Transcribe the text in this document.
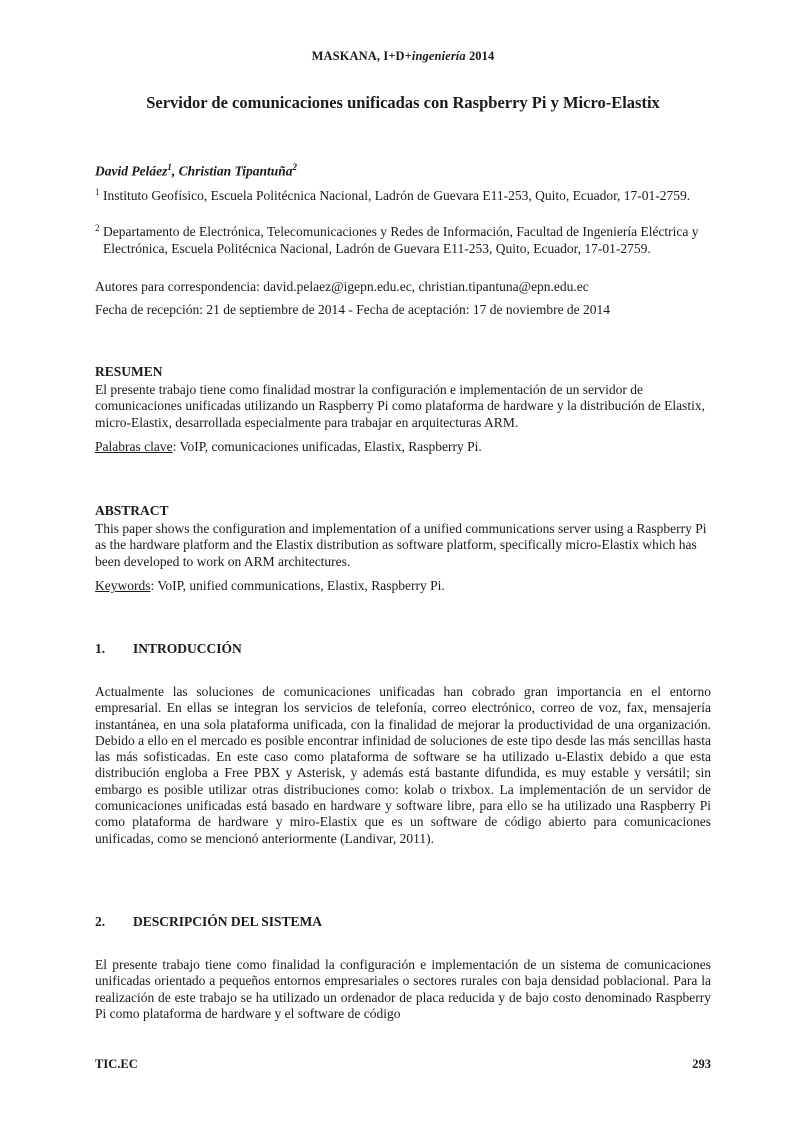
MASKANA, I+D+ingeniería 2014
Servidor de comunicaciones unificadas con Raspberry Pi y Micro-Elastix
David Peláez$^1$, Christian Tipantuña$^2$
1 Instituto Geofísico, Escuela Politécnica Nacional, Ladrón de Guevara E11-253, Quito, Ecuador, 17-01-2759.
2 Departamento de Electrónica, Telecomunicaciones y Redes de Información, Facultad de Ingeniería Eléctrica y Electrónica, Escuela Politécnica Nacional, Ladrón de Guevara E11-253, Quito, Ecuador, 17-01-2759.
Autores para correspondencia: david.pelaez@igepn.edu.ec, christian.tipantuna@epn.edu.ec
Fecha de recepción: 21 de septiembre de 2014 - Fecha de aceptación: 17 de noviembre de 2014
RESUMEN

El presente trabajo tiene como finalidad mostrar la configuración e implementación de un servidor de comunicaciones unificadas utilizando un Raspberry Pi como plataforma de hardware y la distribución de Elastix, micro-Elastix, desarrollada especialmente para trabajar en arquitecturas ARM.

Palabras clave: VoIP, comunicaciones unificadas, Elastix, Raspberry Pi.

ABSTRACT

This paper shows the configuration and implementation of a unified communications server using a Raspberry Pi as the hardware platform and the Elastix distribution as software platform, specifically micro-Elastix which has been developed to work on ARM architectures.

Keywords: VoIP, unified communications, Elastix, Raspberry Pi.

1. INTRODUCCIÓN

Actualmente las soluciones de comunicaciones unificadas han cobrado gran importancia en el entorno empresarial. En ellas se integran los servicios de telefonía, correo electrónico, correo de voz, fax, mensajería instantánea, en una sola plataforma unificada, con la finalidad de mejorar la productividad de una organización. Debido a ello en el mercado es posible encontrar infinidad de soluciones de este tipo desde las más sencillas hasta las más sofisticadas. En este caso como plataforma de software se ha utilizado u-Elastix debido a que esta distribución engloba a Free PBX y Asterisk, y además está bastante difundida, es muy estable y versátil; sin embargo es posible utilizar otras distribuciones como: kolab o trixbox. La implementación de un servidor de comunicaciones unificadas está basado en hardware y software libre, para ello se ha utilizado una Raspberry Pi como plataforma de hardware y miro-Elastix que es un software de código abierto para comunicaciones unificadas, como se mencionó anteriormente (Landivar, 2011).

2. DESCRIPCIÓN DEL SISTEMA

El presente trabajo tiene como finalidad la configuración e implementación de un sistema de comunicaciones unificadas orientado a pequeños entornos empresariales o sectores rurales con baja densidad poblacional. Para la realización de este trabajo se ha utilizado un ordenador de placa reducida y de bajo costo denominado Raspberry Pi como plataforma de hardware y el software de código

TIC.EC	293
